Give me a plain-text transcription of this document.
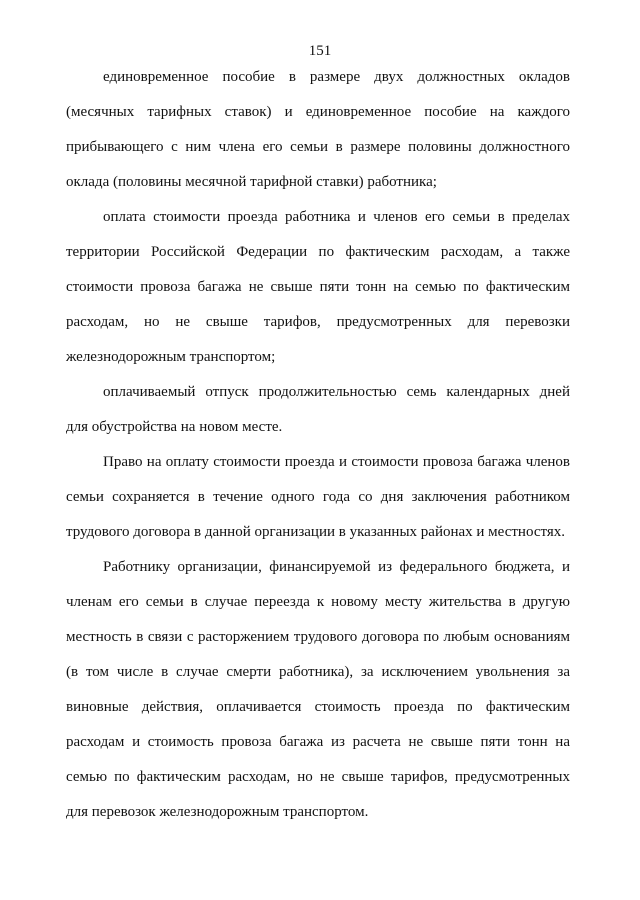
151
единовременное пособие в размере двух должностных окладов
(месячных тарифных ставок) и единовременное пособие на каждого
прибывающего с ним члена его семьи в размере половины должностного
оклада (половины месячной тарифной ставки) работника;
оплата стоимости проезда работника и членов его семьи в пределах
территории Российской Федерации по фактическим расходам, а также
стоимости провоза багажа не свыше пяти тонн на семью по фактическим
расходам, но не свыше тарифов, предусмотренных для перевозки
железнодорожным транспортом;
оплачиваемый отпуск продолжительностью семь календарных дней
для обустройства на новом месте.
Право на оплату стоимости проезда и стоимости провоза багажа членов
семьи сохраняется в течение одного года со дня заключения работником
трудового договора в данной организации в указанных районах и местностях.
Работнику организации, финансируемой из федерального бюджета, и
членам его семьи в случае переезда к новому месту жительства в другую
местность в связи с расторжением трудового договора по любым основаниям
(в том числе в случае смерти работника), за исключением увольнения за
виновные действия, оплачивается стоимость проезда по фактическим
расходам и стоимость провоза багажа из расчета не свыше пяти тонн на
семью по фактическим расходам, но не свыше тарифов, предусмотренных
для перевозок железнодорожным транспортом.
